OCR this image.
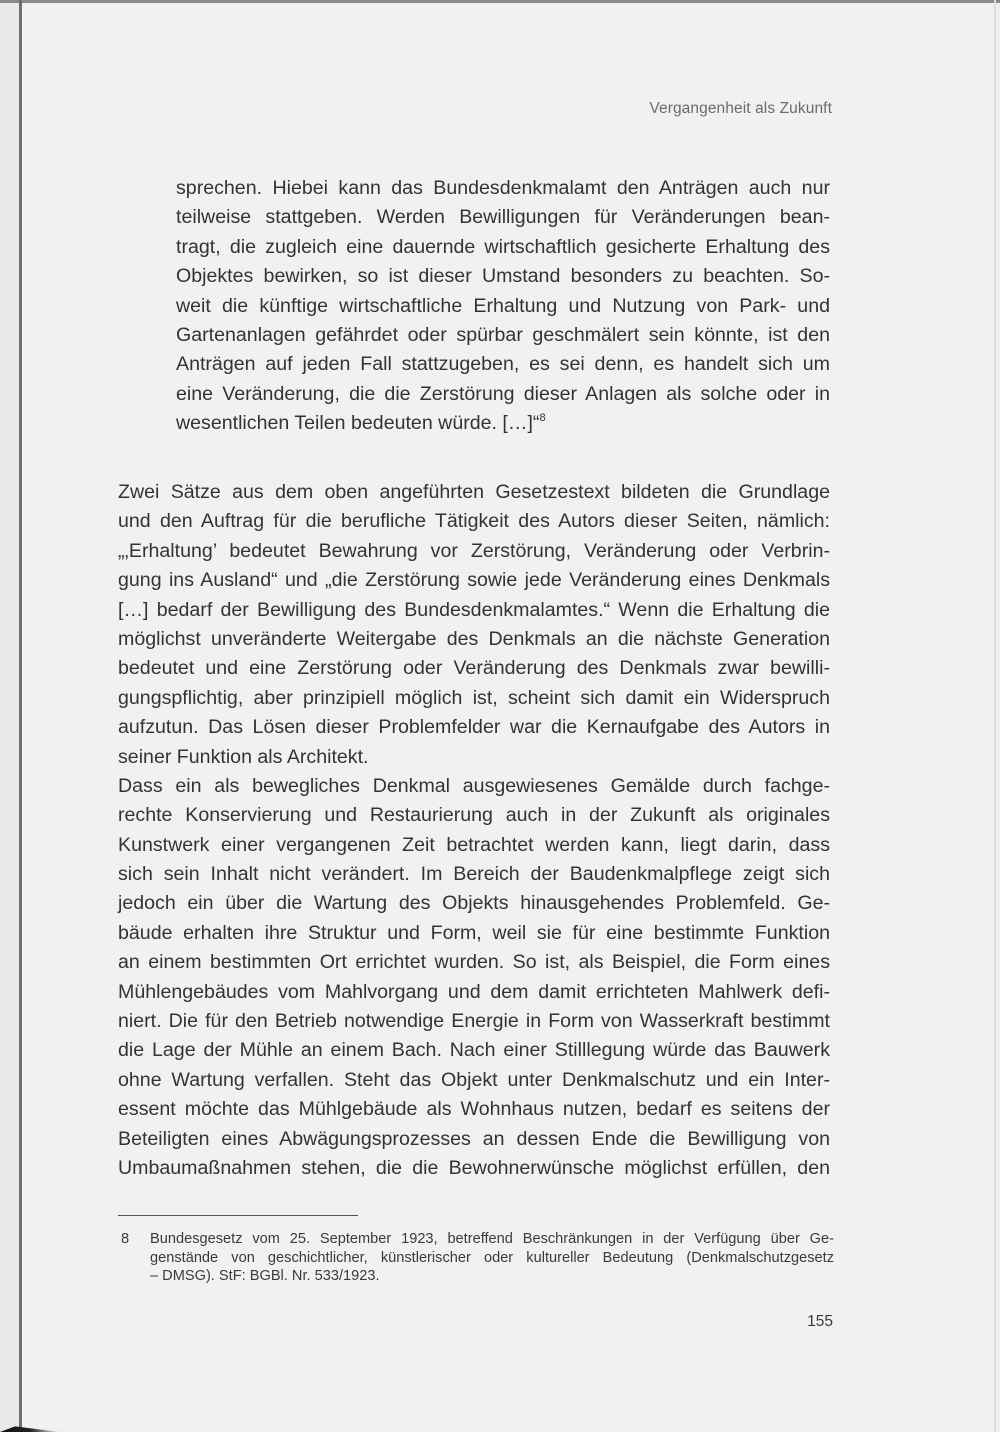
Vergangenheit als Zukunft
sprechen. Hiebei kann das Bundesdenkmalamt den Anträgen auch nur
teilweise stattgeben. Werden Bewilligungen für Veränderungen bean-
tragt, die zugleich eine dauernde wirtschaftlich gesicherte Erhaltung des
Objektes bewirken, so ist dieser Umstand besonders zu beachten. So-
weit die künftige wirtschaftliche Erhaltung und Nutzung von Park- und
Gartenanlagen gefährdet oder spürbar geschmälert sein könnte, ist den
Anträgen auf jeden Fall stattzugeben, es sei denn, es handelt sich um
eine Veränderung, die die Zerstörung dieser Anlagen als solche oder in
wesentlichen Teilen bedeuten würde. […]“$^8$
Zwei Sätze aus dem oben angeführten Gesetzestext bildeten die Grundlage
und den Auftrag für die berufliche Tätigkeit des Autors dieser Seiten, nämlich:
„‚Erhaltung’ bedeutet Bewahrung vor Zerstörung, Veränderung oder Verbrin-
gung ins Ausland“ und „die Zerstörung sowie jede Veränderung eines Denkmals
[…] bedarf der Bewilligung des Bundesdenkmalamtes.“ Wenn die Erhaltung die
möglichst unveränderte Weitergabe des Denkmals an die nächste Generation
bedeutet und eine Zerstörung oder Veränderung des Denkmals zwar bewilli-
gungspflichtig, aber prinzipiell möglich ist, scheint sich damit ein Widerspruch
aufzutun. Das Lösen dieser Problemfelder war die Kernaufgabe des Autors in
seiner Funktion als Architekt.
Dass ein als bewegliches Denkmal ausgewiesenes Gemälde durch fachge-
rechte Konservierung und Restaurierung auch in der Zukunft als originales
Kunstwerk einer vergangenen Zeit betrachtet werden kann, liegt darin, dass
sich sein Inhalt nicht verändert. Im Bereich der Baudenkmalpflege zeigt sich
jedoch ein über die Wartung des Objekts hinausgehendes Problemfeld. Ge-
bäude erhalten ihre Struktur und Form, weil sie für eine bestimmte Funktion
an einem bestimmten Ort errichtet wurden. So ist, als Beispiel, die Form eines
Mühlengebäudes vom Mahlvorgang und dem damit errichteten Mahlwerk defi-
niert. Die für den Betrieb notwendige Energie in Form von Wasserkraft bestimmt
die Lage der Mühle an einem Bach. Nach einer Stilllegung würde das Bauwerk
ohne Wartung verfallen. Steht das Objekt unter Denkmalschutz und ein Inter-
essent möchte das Mühlgebäude als Wohnhaus nutzen, bedarf es seitens der
Beteiligten eines Abwägungsprozesses an dessen Ende die Bewilligung von
Umbaumaßnahmen stehen, die die Bewohnerwünsche möglichst erfüllen, den
8 Bundesgesetz vom 25. September 1923, betreffend Beschränkungen in der Verfügung über Ge-
genstände von geschichtlicher, künstlerischer oder kultureller Bedeutung (Denkmalschutzgesetz
– DMSG). StF: BGBl. Nr. 533/1923.
155
